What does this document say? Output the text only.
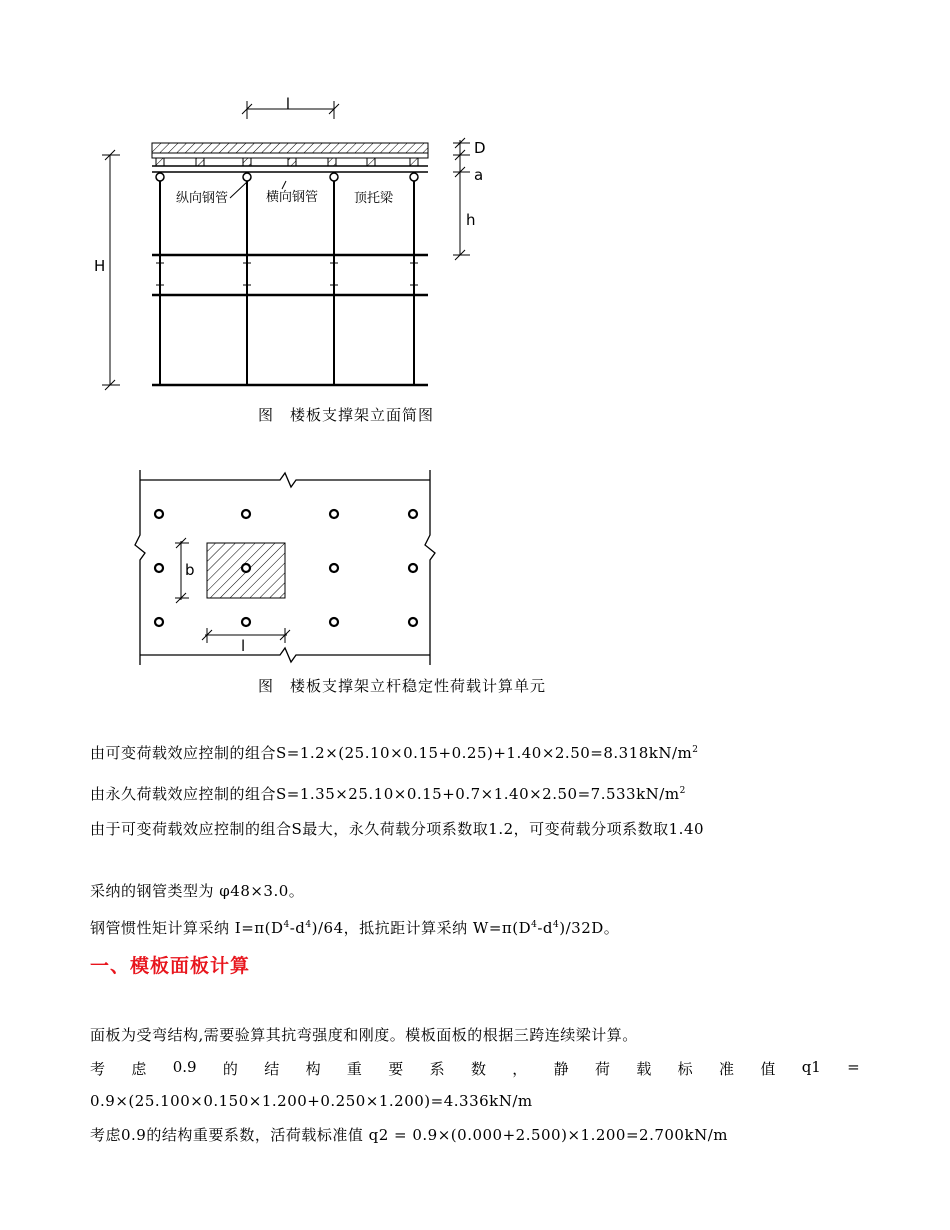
l
纵向钢管	横向钢管	顶托梁
D
a
h
H
图　楼板支撑架立面简图
b
l
图　楼板支撑架立杆稳定性荷载计算单元
由可变荷载效应控制的组合$S=1.2\times(25.10\times 0.15+0.25)+1.40\times 2.50=8.318kN/m^2$
由永久荷载效应控制的组合$S=1.35\times 25.10\times 0.15+0.7\times 1.40\times 2.50=7.533kN/m^2$
由于可变荷载效应控制的组合S最大，永久荷载分项系数取1.2，可变荷载分项系数取1.40
采纳的钢管类型为 φ48×3.0。
钢管惯性矩计算采纳 $I=\pi(D^4-d^4)/64$，抵抗距计算采纳 $W=\pi(D^4-d^4)/32D$。
一、模板面板计算
面板为受弯结构,需要验算其抗弯强度和刚度。模板面板的根据三跨连续梁计算。
考 虑 0.9 的 结 构 重 要 系 数 ， 静 荷 载 标 准 值 q1 =
0.9×(25.100×0.150×1.200+0.250×1.200)=4.336kN/m
考虑0.9的结构重要系数，活荷载标准值 q2 = 0.9×(0.000+2.500)×1.200=2.700kN/m
